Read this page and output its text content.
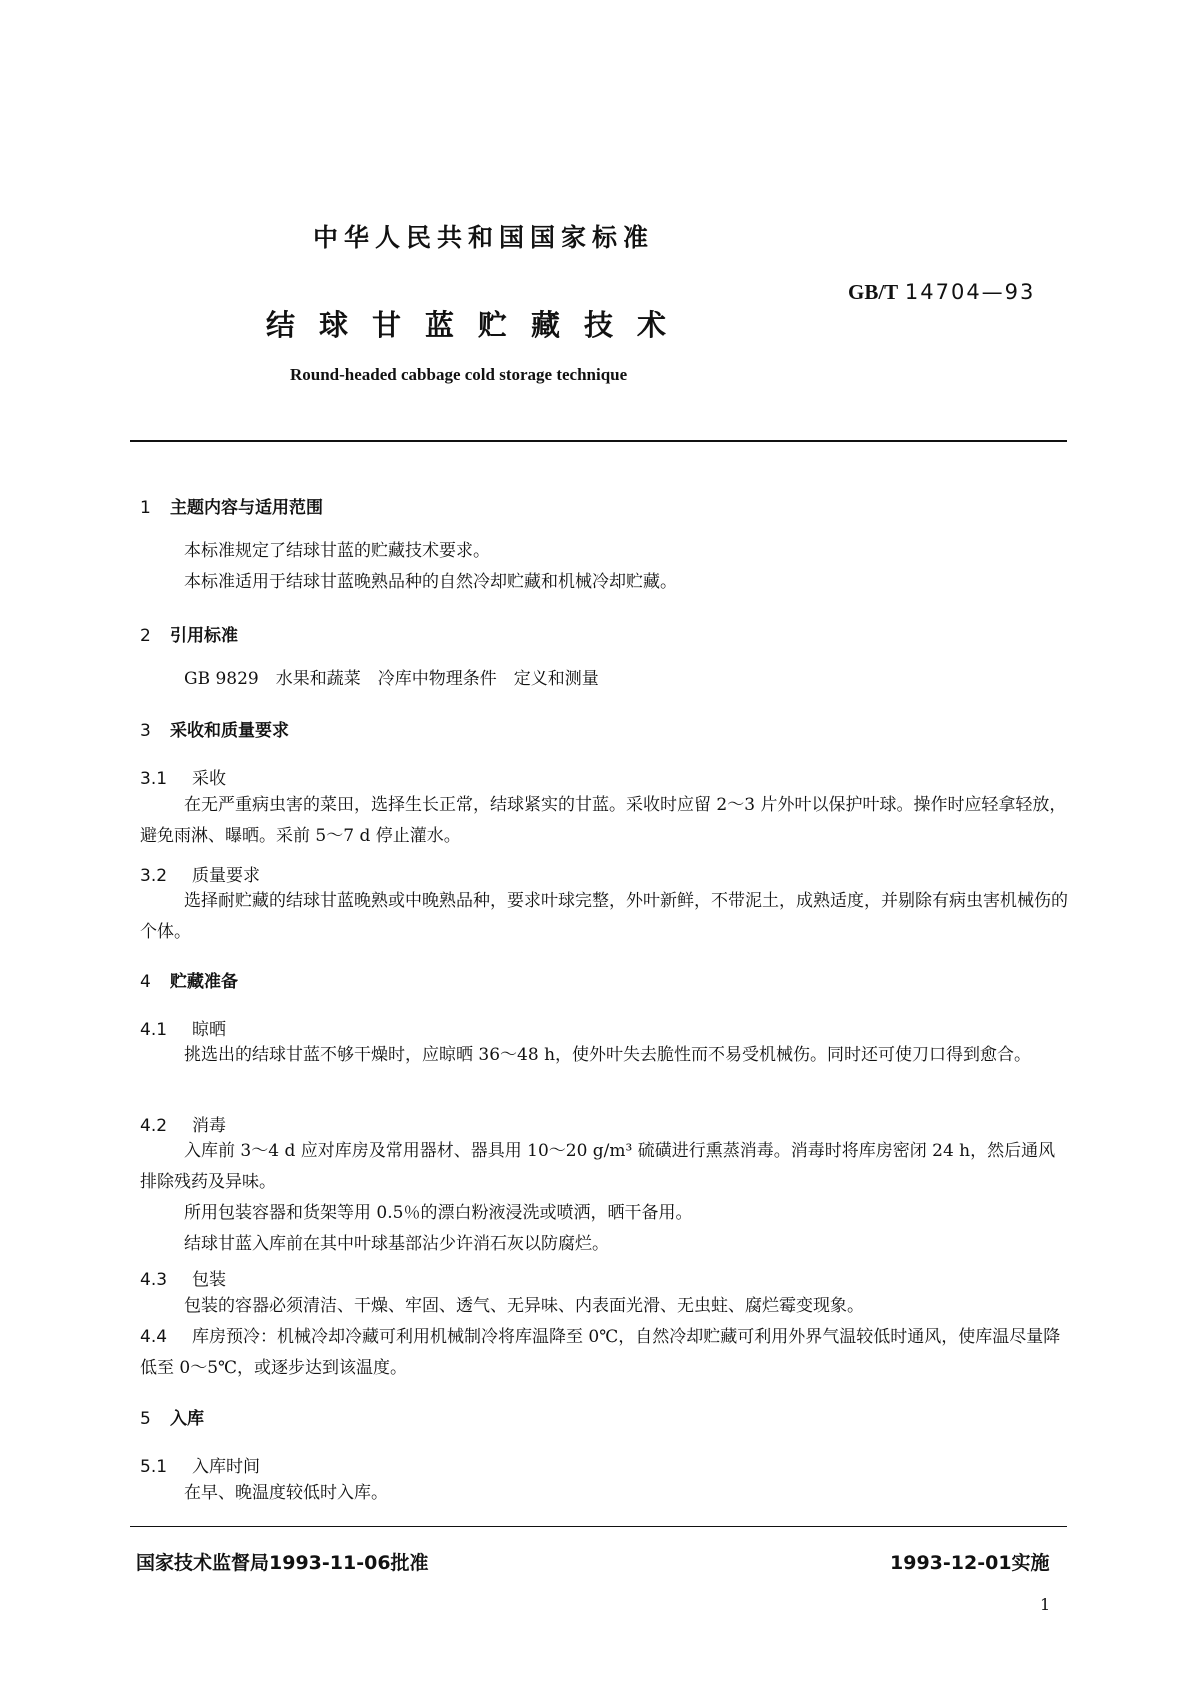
中华人民共和国国家标准
GB/T 14704—93
结球甘蓝贮藏技术
Round-headed cabbage cold storage technique
1 主题内容与适用范围
本标准规定了结球甘蓝的贮藏技术要求。
本标准适用于结球甘蓝晚熟品种的自然冷却贮藏和机械冷却贮藏。
2 引用标准
GB 9829　水果和蔬菜　冷库中物理条件　定义和测量
3 采收和质量要求
3.1 采收
在无严重病虫害的菜田，选择生长正常，结球紧实的甘蓝。采收时应留 2～3 片外叶以保护叶球。操作时应轻拿轻放，避免雨淋、曝晒。采前 5～7 d 停止灌水。
3.2 质量要求
选择耐贮藏的结球甘蓝晚熟或中晚熟品种，要求叶球完整，外叶新鲜，不带泥土，成熟适度，并剔除有病虫害机械伤的个体。
4 贮藏准备
4.1 晾晒
挑选出的结球甘蓝不够干燥时，应晾晒 36～48 h，使外叶失去脆性而不易受机械伤。同时还可使刀口得到愈合。
4.2 消毒
入库前 3～4 d 应对库房及常用器材、器具用 10～20 g/m³ 硫磺进行熏蒸消毒。消毒时将库房密闭 24 h，然后通风排除残药及异味。
所用包装容器和货架等用 0.5％的漂白粉液浸洗或喷洒，晒干备用。
结球甘蓝入库前在其中叶球基部沾少许消石灰以防腐烂。
4.3 包装
包装的容器必须清洁、干燥、牢固、透气、无异味、内表面光滑、无虫蛀、腐烂霉变现象。
4.4 库房预冷：机械冷却冷藏可利用机械制冷将库温降至 0℃，自然冷却贮藏可利用外界气温较低时通风，使库温尽量降低至 0～5℃，或逐步达到该温度。
5 入库
5.1 入库时间
在早、晚温度较低时入库。
国家技术监督局1993-11-06批准	1993-12-01实施
1
